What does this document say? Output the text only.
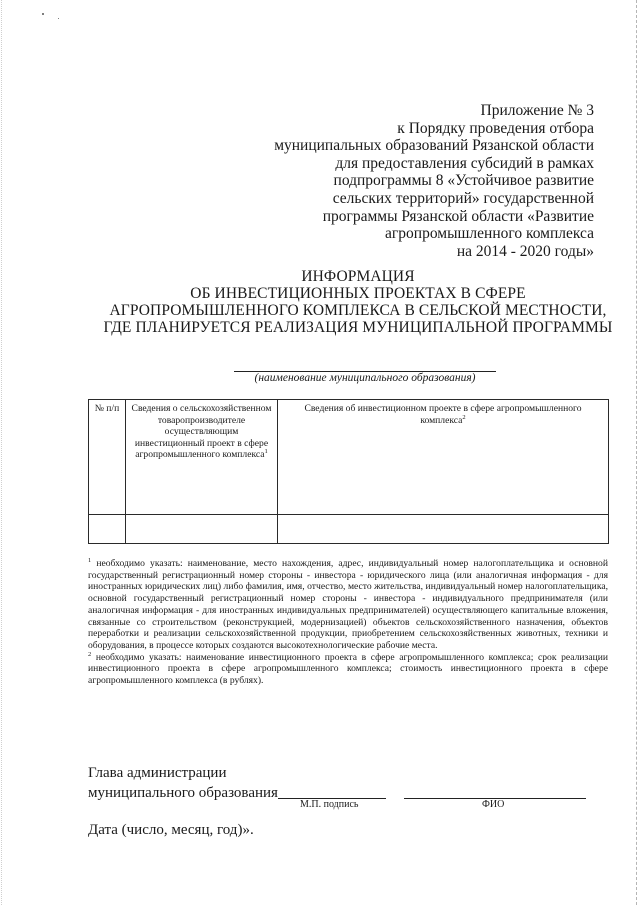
Приложение № 3
к Порядку проведения отбора
муниципальных образований Рязанской области
для предоставления субсидий в рамках
подпрограммы 8 «Устойчивое развитие
сельских территорий» государственной
программы Рязанской области «Развитие
агропромышленного комплекса
на 2014 - 2020 годы»
ИНФОРМАЦИЯ
ОБ ИНВЕСТИЦИОННЫХ ПРОЕКТАХ В СФЕРЕ
АГРОПРОМЫШЛЕННОГО КОМПЛЕКСА В СЕЛЬСКОЙ МЕСТНОСТИ,
ГДЕ ПЛАНИРУЕТСЯ РЕАЛИЗАЦИЯ МУНИЦИПАЛЬНОЙ ПРОГРАММЫ
(наименование муниципального образования)
№ п/п	Сведения о сельскохозяйственном товаропроизводителе осуществляющим инвестиционный проект в сфере агропромышленного комплекса$^1$	Сведения об инвестиционном проекте в сфере агропромышленного комплекса$^2$

$^1$ необходимо указать: наименование, место нахождения, адрес, индивидуальный номер налогоплательщика и основной государственный регистрационный номер стороны - инвестора - юридического лица (или аналогичная информация - для иностранных юридических лиц) либо фамилия, имя, отчество, место жительства, индивидуальный номер налогоплательщика, основной государственный регистрационный номер стороны - инвестора - индивидуального предпринимателя (или аналогичная информация - для иностранных индивидуальных предпринимателей) осуществляющего капитальные вложения, связанные со строительством (реконструкцией, модернизацией) объектов сельскохозяйственного назначения, объектов переработки и реализации сельскохозяйственной продукции, приобретением сельскохозяйственных животных, техники и оборудования, в процессе которых создаются высокотехнологические рабочие места.

$^2$ необходимо указать: наименование инвестиционного проекта в сфере агропромышленного комплекса; срок реализации инвестиционного проекта в сфере агропромышленного комплекса; стоимость инвестиционного проекта в сфере агропромышленного комплекса (в рублях).

Глава администрации
муниципального образования
М.П. подпись	ФИО
Дата (число, месяц, год)».
